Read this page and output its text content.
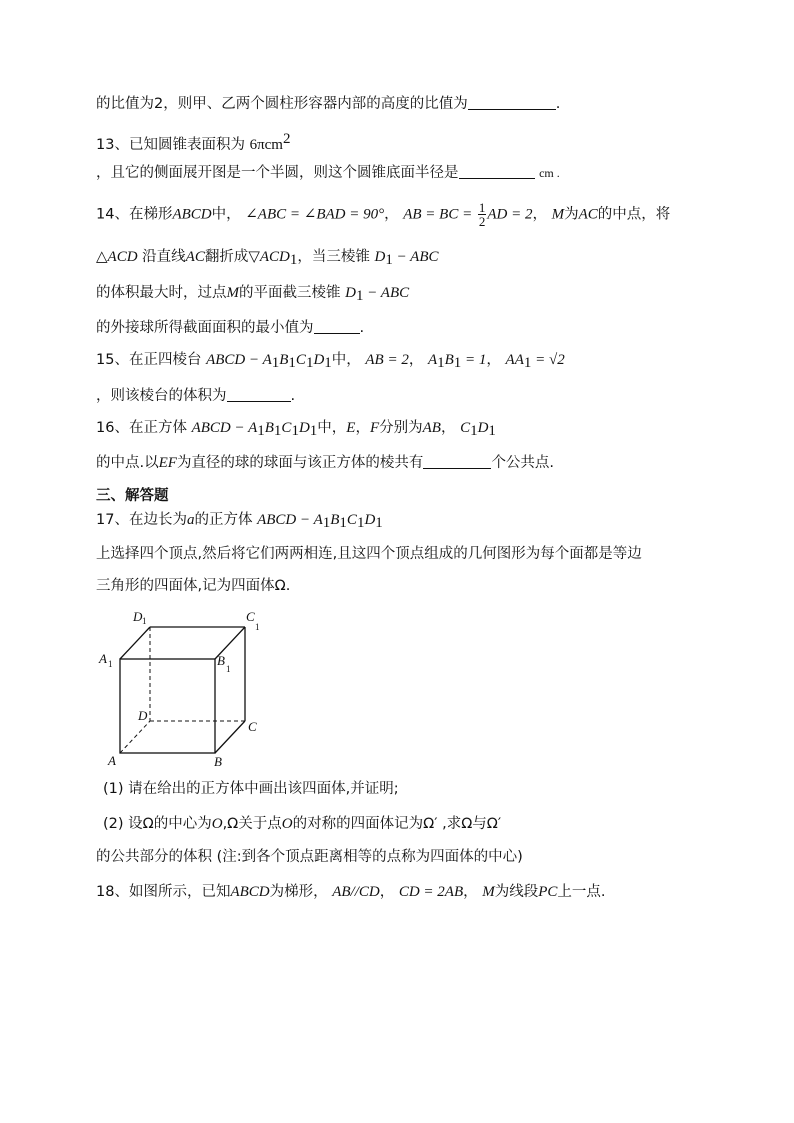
的比值为2，则甲、乙两个圆柱形容器内部的高度的比值为	.
13、已知圆锥表面积为 6πcm$^2$
，且它的侧面展开图是一个半圆，则这个圆锥底面半径是	cm .
14、在梯形ABCD中， ∠ABC = ∠BAD = 90°， AB = BC = $\frac{1}{2}$ AD = 2， M为AC的中点，将
△ACD 沿直线AC翻折成$▽ACD_1$，当三棱锥 $D_1$ − ABC
的体积最大时，过点M的平面截三棱锥 $D_1$ − ABC
的外接球所得截面面积的最小值为	.
15、在正四棱台 ABCD − $A_1B_1C_1D_1$中， AB = 2， $A_1B_1 = 1$， $AA_1 = √2$
，则该棱台的体积为	.
16、在正方体 ABCD − $A_1B_1C_1D_1$中，E，F分别为AB， $C_1D_1$
的中点.以EF为直径的球的球面与该正方体的棱共有	个公共点.
三、解答题
17、在边长为a的正方体 ABCD − $A_1B_1C_1D_1$
上选择四个顶点,然后将它们两两相连,且这四个顶点组成的几何图形为每个面都是等边
三角形的四面体,记为四面体Ω.
D 1	C
1
A 1	B
1
D
C
A	B
(1) 请在给出的正方体中画出该四面体,并证明;
(2) 设Ω的中心为O,Ω关于点O的对称的四面体记为Ω′ ,求Ω与Ω′
的公共部分的体积 (注:到各个顶点距离相等的点称为四面体的中心)
18、如图所示，已知ABCD为梯形， AB//CD， CD = 2AB， M为线段PC上一点.
